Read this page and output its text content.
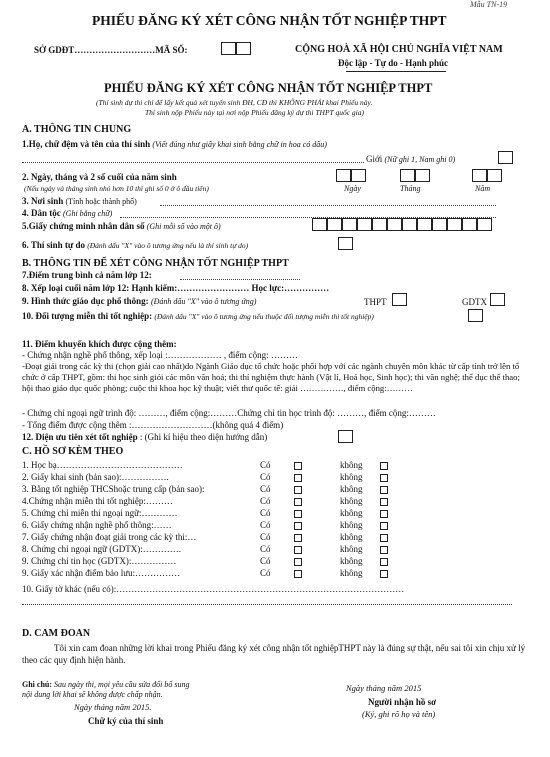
Mẫu TN-19
PHIẾU ĐĂNG KÝ XÉT CÔNG NHẬN TỐT NGHIỆP THPT
SỞ GDĐT………………………MÃ SỐ:	CỘNG HOÀ XÃ HỘI CHỦ NGHĨA VIỆT NAM
Độc lập - Tự do - Hạnh phúc
PHIẾU ĐĂNG KÝ XÉT CÔNG NHẬN TỐT NGHIỆP THPT
(Thí sinh dự thi chỉ để lấy kết quả xét tuyển sinh ĐH, CĐ thì KHÔNG PHẢI khai Phiếu này.
Thí sinh nộp Phiếu này tại nơi nộp Phiếu đăng ký dự thi THPT quốc gia)
A. THÔNG TIN CHUNG
1.Họ, chữ đệm và tên của thí sinh (Viết đúng như giấy khai sinh bằng chữ in hoa có dấu)
Giới (Nữ ghi 1, Nam ghi 0)
2. Ngày, tháng và 2 số cuối của năm sinh
(Nếu ngày và tháng sinh nhỏ hơn 10 thì ghi số 0 ở ô đầu tiên)	Ngày	Tháng	Năm
3. Nơi sinh (Tỉnh hoặc thành phố)
4. Dân tộc (Ghi bằng chữ)
5.Giấy chứng minh nhân dân số (Ghi mỗi số vào một ô)
6. Thí sinh tự do (Đánh dấu "X" vào ô tương ứng nếu là thí sinh tự do)
B. THÔNG TIN ĐỂ XÉT CÔNG NHẬN TỐT NGHIỆP THPT
7.Điểm trung bình cả năm lớp 12:
8. Xếp loại cuối năm lớp 12: Hạnh kiểm:…………………… Học lực:……………
9. Hình thức giáo dục phổ thông: (Đánh dấu "X" vào ô tương ứng)	THPT	GDTX
10. Đối tượng miễn thi tốt nghiệp: (Đánh dấu "X" vào ô tương ứng nếu thuộc đối tượng miễn thi tốt nghiệp)
11. Điểm khuyến khích được cộng thêm:
- Chứng nhận nghề phổ thông, xếp loại :……………… , điểm cộng: ………
-Đoạt giải trong các kỳ thi (chọn giải cao nhất)do Ngành Giáo dục tổ chức hoặc phối hợp với các ngành chuyên môn khác từ cấp tỉnh trở lên tổ chức ở cấp THPT, gồm: thi học sinh giỏi các môn văn hoá; thi thí nghiệm thực hành (Vật lí, Hoá học, Sinh học); thi văn nghệ; thể dục thể thao; hội thao giáo dục quốc phòng; cuộc thi khoa học kỹ thuật; viết thư quốc tế: giải ……………, điểm cộng:………
- Chứng chỉ ngoại ngữ trình độ: ………, điểm cộng:………Chứng chỉ tin học trình độ: ………, điểm cộng:………
- Tổng điểm được cộng thêm :………………………(không quá 4 điểm)
12. Diện ưu tiên xét tốt nghiệp : (Ghi kí hiệu theo diện hướng dẫn)
C. HỒ SƠ KÈM THEO
1. Học bạ……………………………………	Có	không
2. Giấy khai sinh (bản sao):…………….	Có	không
3. Bằng tốt nghiệp THCShoặc trung cấp (bản sao):	Có	không
4.Chứng nhận miễn thi tốt nghiệp:………	Có	không
5. Chứng chỉ miễn thi ngoại ngữ:…………	Có	không
6. Giấy chứng nhận nghề phổ thông:……	Có	không
7. Giấy chứng nhận đoạt giải trong các kỳ thi:…	Có	không
8. Chứng chỉ ngoại ngữ (GDTX):………….	Có	không
9. Chứng chỉ tin học (GDTX):……………	Có	không
9. Giấy xác nhận điểm bảo lưu:……………	Có	không
10. Giấy tờ khác (nếu có):……………………………………………………………………………………
D. CAM ĐOAN
Tôi xin cam đoan những lời khai trong Phiếu đăng ký xét công nhận tốt nghiệpTHPT này là đúng sự thật, nếu sai tôi xin chịu xử lý theo các quy định hiện hành.
Ghi chú: Sau ngày thi, mọi yêu cầu sửa đổi bổ sung nội dung lời khai sẽ không được chấp nhận.
Ngày tháng năm 2015.
Chữ ký của thí sinh
Ngày tháng năm 2015
Người nhận hồ sơ
(Ký, ghi rõ họ và tên)
